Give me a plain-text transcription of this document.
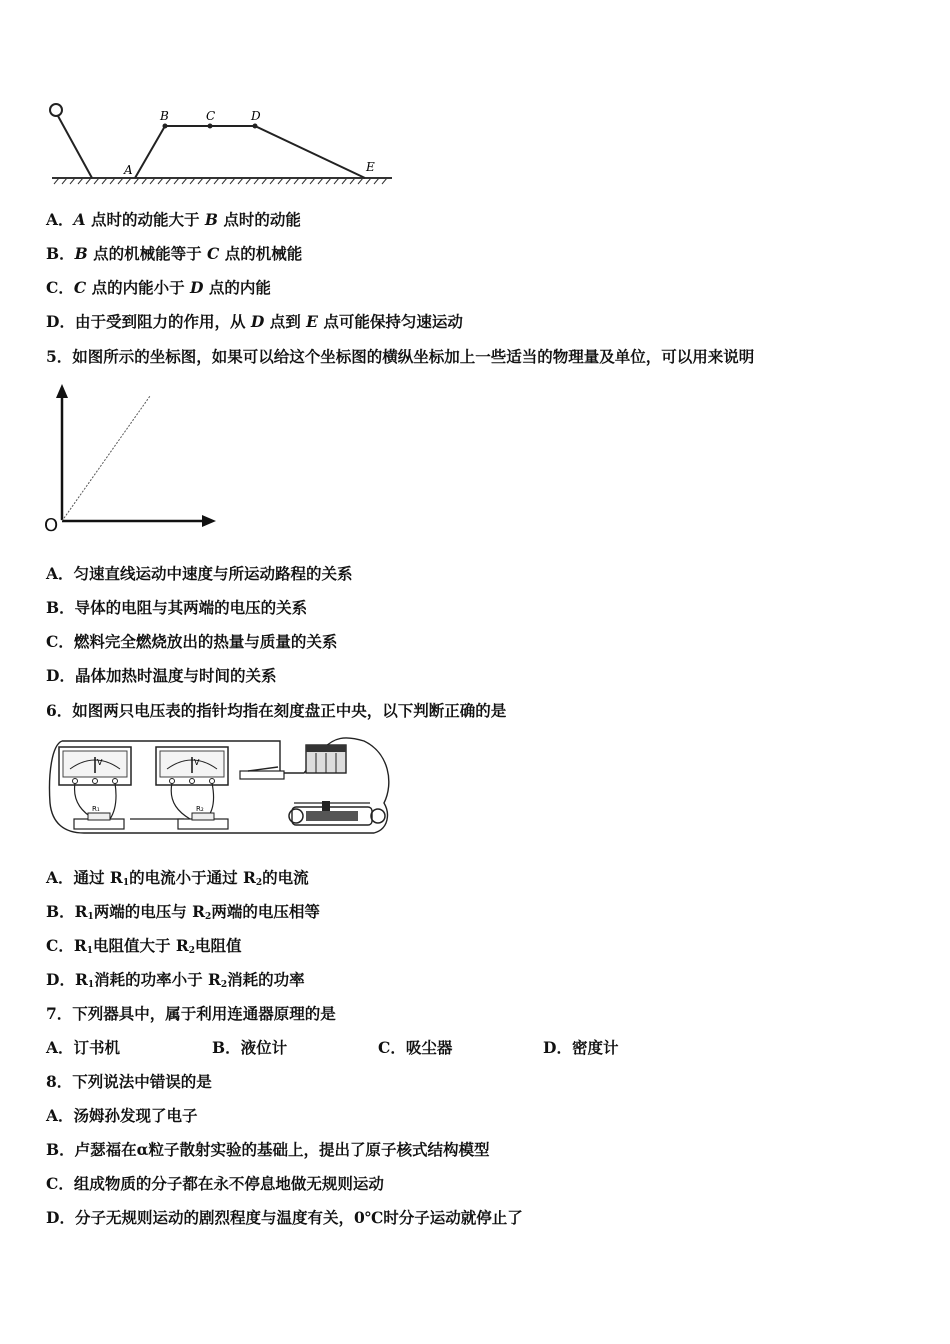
A
B	C	D
E
A．A 点时的动能大于 B 点时的动能
B．B 点的机械能等于 C 点的机械能
C．C 点的内能小于 D 点的内能
D．由于受到阻力的作用，从 D 点到 E 点可能保持匀速运动
5．如图所示的坐标图，如果可以给这个坐标图的横纵坐标加上一些适当的物理量及单位，可以用来说明
O
A．匀速直线运动中速度与所运动路程的关系
B．导体的电阻与其两端的电压的关系
C．燃料完全燃烧放出的热量与质量的关系
D．晶体加热时温度与时间的关系
6．如图两只电压表的指针均指在刻度盘正中央，以下判断正确的是
V	V
R₁	R₂
A．通过 $R_1$的电流小于通过 $R_2$的电流
B．$R_1$两端的电压与 $R_2$两端的电压相等
C．$R_1$电阻值大于 $R_2$电阻值
D．$R_1$消耗的功率小于 $R_2$消耗的功率
7．下列器具中，属于利用连通器原理的是
A．订书机	B．液位计	C．吸尘器	D．密度计
8．下列说法中错误的是
A．汤姆孙发现了电子
B．卢瑟福在α粒子散射实验的基础上，提出了原子核式结构模型
C．组成物质的分子都在永不停息地做无规则运动
D．分子无规则运动的剧烈程度与温度有关，0℃时分子运动就停止了
